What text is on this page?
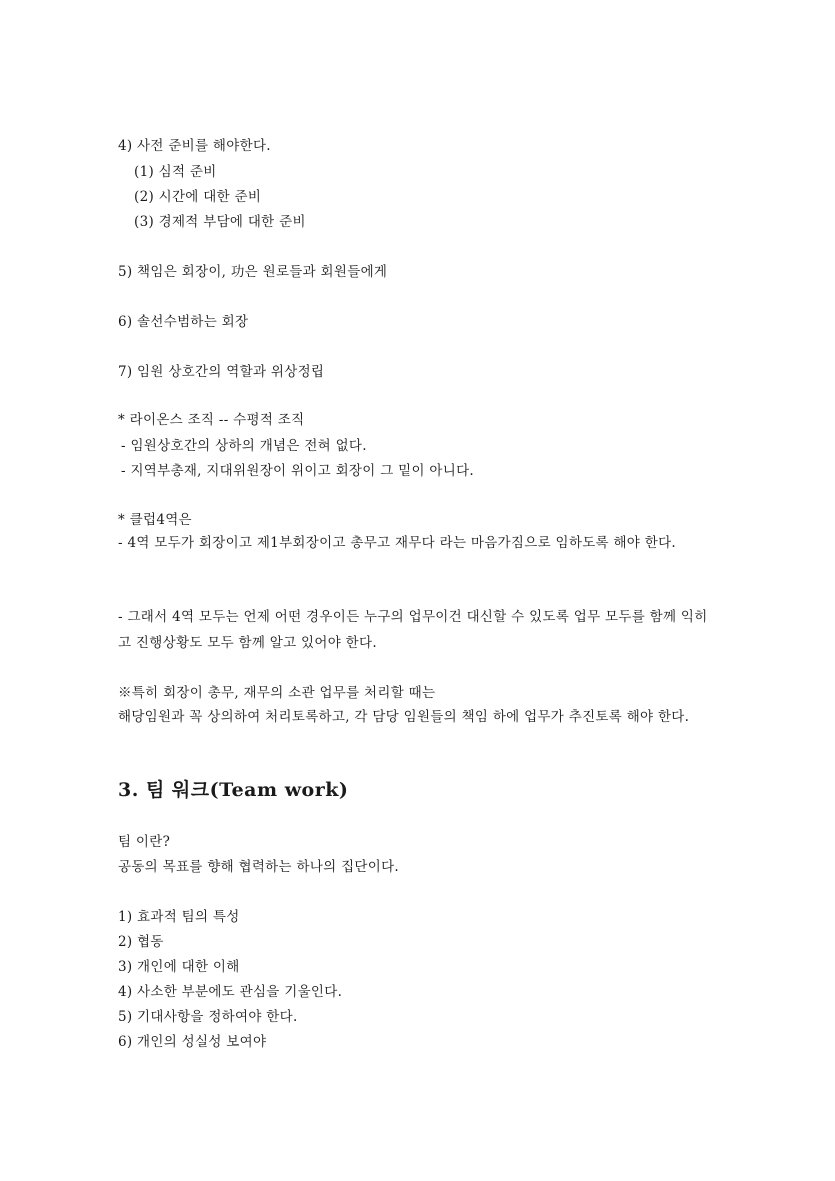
4) 사전 준비를 해야한다.
(1) 심적 준비
(2) 시간에 대한 준비
(3) 경제적 부담에 대한 준비
5) 책임은 회장이, 功은 원로들과 회원들에게
6) 솔선수범하는 회장
7) 임원 상호간의 역할과 위상정립
* 라이온스 조직 -- 수평적 조직
- 임원상호간의 상하의 개념은 전혀 없다.
- 지역부총재, 지대위원장이 위이고 회장이 그 밑이 아니다.
* 클럽4역은
- 4역 모두가 회장이고 제1부회장이고 총무고 재무다 라는 마음가짐으로 임하도록 해야 한다.
- 그래서 4역 모두는 언제 어떤 경우이든 누구의 업무이건 대신할 수 있도록 업무 모두를 함께 익히고 진행상황도 모두 함께 알고 있어야 한다.
※특히 회장이 총무, 재무의 소관 업무를 처리할 때는
해당임원과 꼭 상의하여 처리토록하고, 각 담당 임원들의 책임 하에 업무가 추진토록 해야 한다.
3. 팀 워크(Team work)
팀 이란?
공동의 목표를 향해 협력하는 하나의 집단이다.
1) 효과적 팀의 특성
2) 협동
3) 개인에 대한 이해
4) 사소한 부분에도 관심을 기울인다.
5) 기대사항을 정하여야 한다.
6) 개인의 성실성 보여야
